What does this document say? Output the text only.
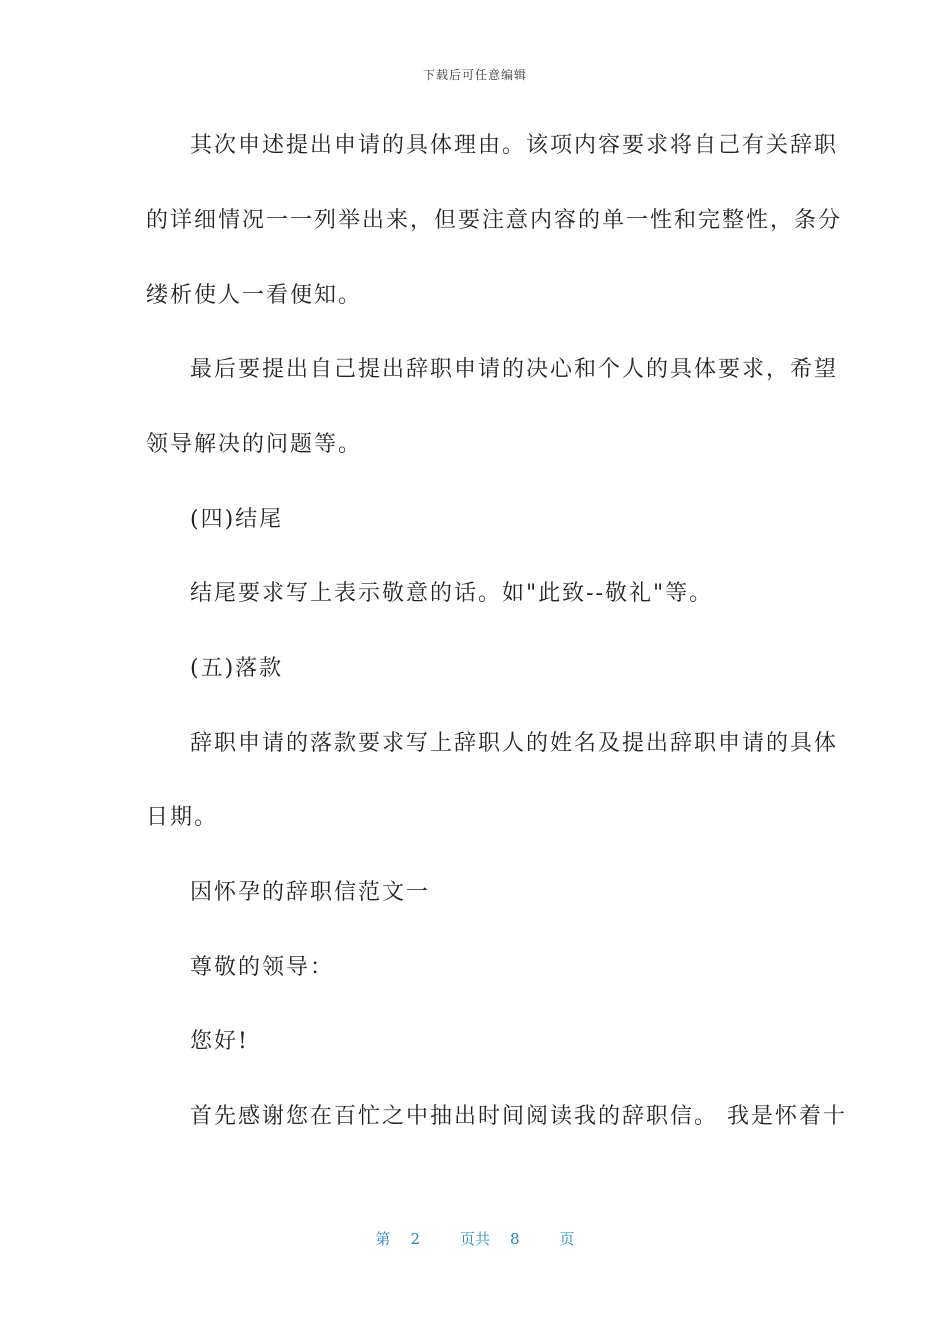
下载后可任意编辑
其次申述提出申请的具体理由。该项内容要求将自己有关辞职
的详细情况一一列举出来，但要注意内容的单一性和完整性，条分
缕析使人一看便知。
最后要提出自己提出辞职申请的决心和个人的具体要求，希望
领导解决的问题等。
(四)结尾
结尾要求写上表示敬意的话。如"此致--敬礼"等。
(五)落款
辞职申请的落款要求写上辞职人的姓名及提出辞职申请的具体
日期。
因怀孕的辞职信范文一
尊敬的领导：
您好!
首先感谢您在百忙之中抽出时间阅读我的辞职信。 我是怀着十
第 2	页共 8	页
